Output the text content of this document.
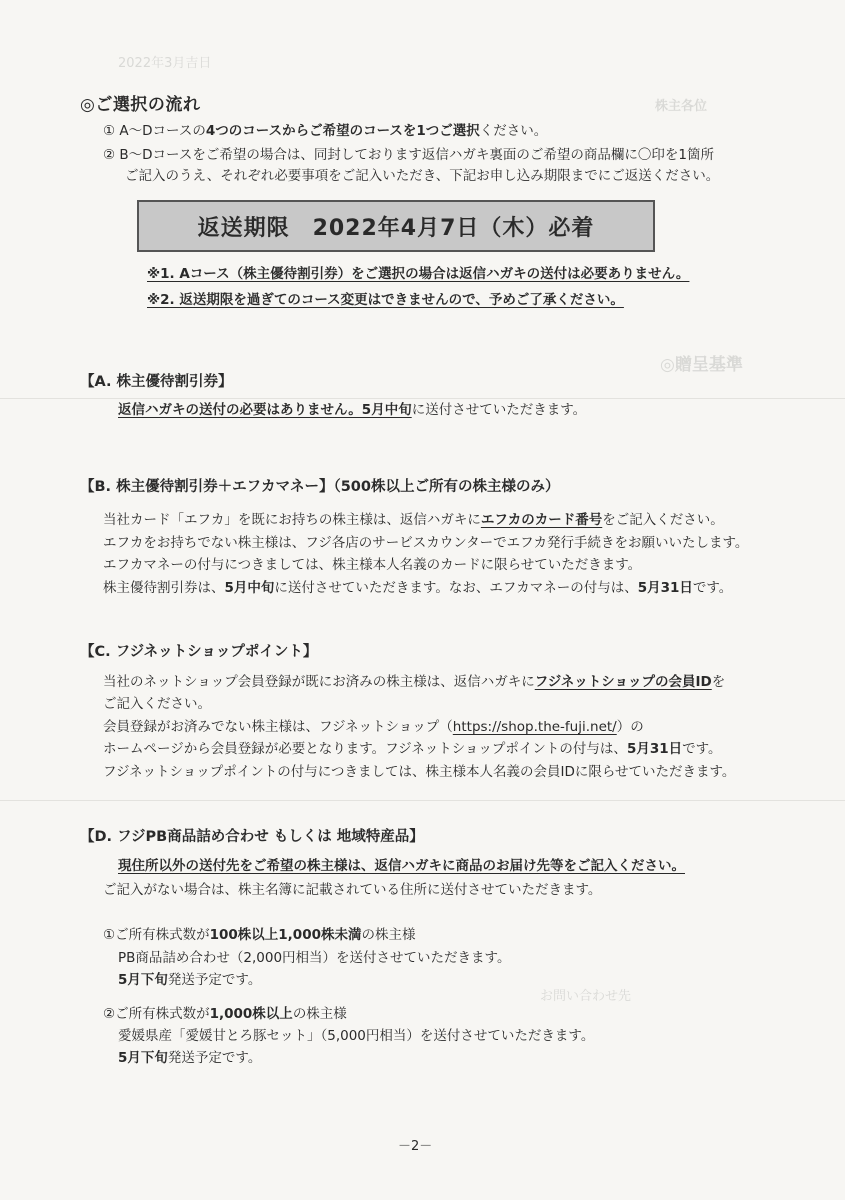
2022年3月吉日
株主各位
◎贈呈基準
お問い合わせ先
◎ご選択の流れ
① A～Dコースの4つのコースからご希望のコースを1つご選択ください。
② B～Dコースをご希望の場合は、同封しております返信ハガキ裏面のご希望の商品欄に〇印を1箇所
ご記入のうえ、それぞれ必要事項をご記入いただき、下記お申し込み期限までにご返送ください。
返送期限　2022年4月7日（木）必着
※1. Aコース（株主優待割引券）をご選択の場合は返信ハガキの送付は必要ありません。
※2. 返送期限を過ぎてのコース変更はできませんので、予めご了承ください。
【A. 株主優待割引券】
返信ハガキの送付の必要はありません。5月中旬に送付させていただきます。
【B. 株主優待割引券＋エフカマネー】（500株以上ご所有の株主様のみ）
当社カード「エフカ」を既にお持ちの株主様は、返信ハガキにエフカのカード番号をご記入ください。
エフカをお持ちでない株主様は、フジ各店のサービスカウンターでエフカ発行手続きをお願いいたします。
エフカマネーの付与につきましては、株主様本人名義のカードに限らせていただきます。
株主優待割引券は、5月中旬に送付させていただきます。なお、エフカマネーの付与は、5月31日です。
【C. フジネットショップポイント】
当社のネットショップ会員登録が既にお済みの株主様は、返信ハガキにフジネットショップの会員IDを
ご記入ください。
会員登録がお済みでない株主様は、フジネットショップ（https://shop.the-fuji.net/）の
ホームページから会員登録が必要となります。フジネットショップポイントの付与は、5月31日です。
フジネットショップポイントの付与につきましては、株主様本人名義の会員IDに限らせていただきます。
【D. フジPB商品詰め合わせ もしくは 地域特産品】
現住所以外の送付先をご希望の株主様は、返信ハガキに商品のお届け先等をご記入ください。
ご記入がない場合は、株主名簿に記載されている住所に送付させていただきます。
①ご所有株式数が100株以上1,000株未満の株主様
PB商品詰め合わせ（2,000円相当）を送付させていただきます。
5月下旬発送予定です。
②ご所有株式数が1,000株以上の株主様
愛媛県産「愛媛甘とろ豚セット」（5,000円相当）を送付させていただきます。
5月下旬発送予定です。
－2－
